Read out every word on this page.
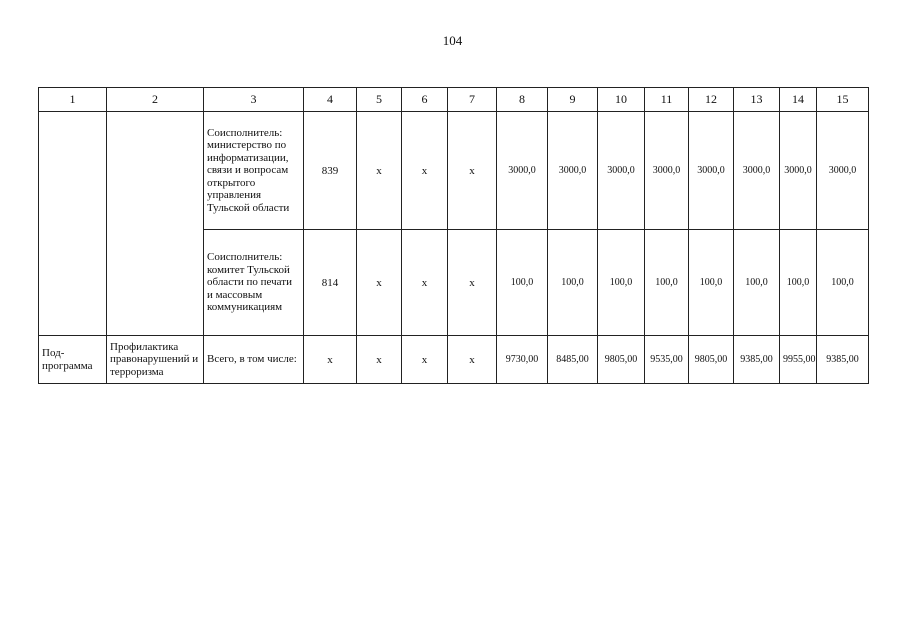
104
1	2	3	4	5	6	7	8	9	10	11	12	13	14	15
		Соисполнитель: министерство по информатизации, связи и вопросам открытого управления Тульской области	839	x	x	x	3000,0	3000,0	3000,0	3000,0	3000,0	3000,0	3000,0	3000,0
		Соисполнитель: комитет Тульской области по печати и массовым коммуникациям	814	x	x	x	100,0	100,0	100,0	100,0	100,0	100,0	100,0	100,0
Под-программа	Профилактика правонарушений и терроризма	Всего, в том числе:	x	x	x	x	9730,00	8485,00	9805,00	9535,00	9805,00	9385,00	9955,00	9385,00
